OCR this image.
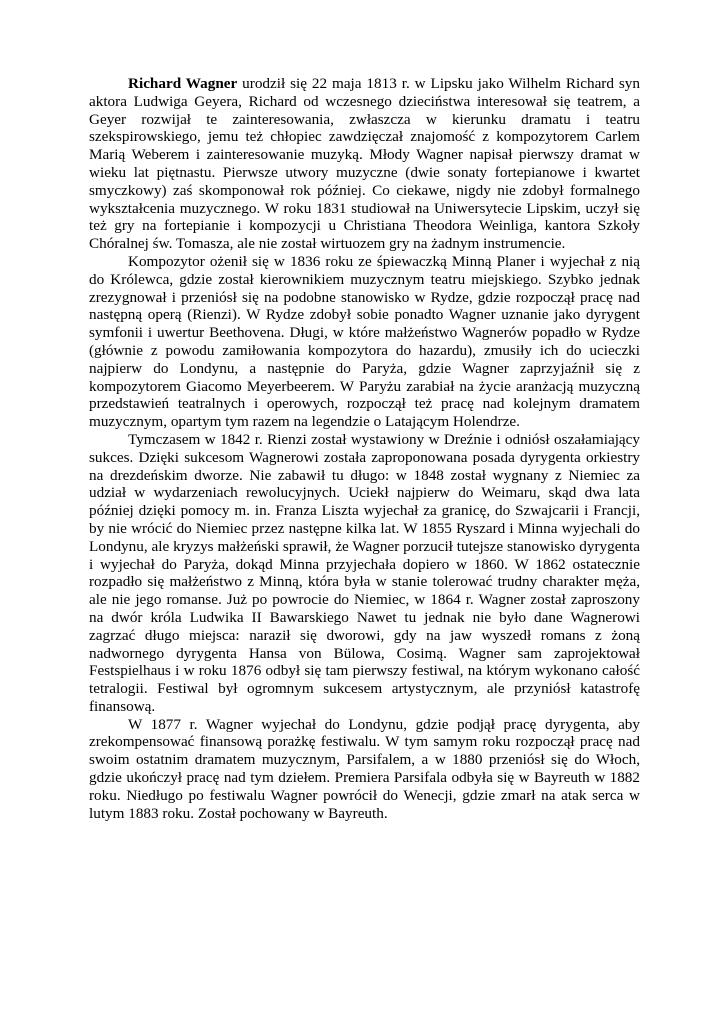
Richard Wagner urodził się 22 maja 1813 r. w Lipsku jako Wilhelm Richard syn aktora Ludwiga Geyera, Richard od wczesnego dzieciństwa interesował się teatrem, a Geyer rozwijał te zainteresowania, zwłaszcza w kierunku dramatu i teatru szekspirowskiego, jemu też chłopiec zawdzięczał znajomość z kompozytorem Carlem Marią Weberem i zainteresowanie muzyką. Młody Wagner napisał pierwszy dramat w wieku lat piętnastu. Pierwsze utwory muzyczne (dwie sonaty fortepianowe i kwartet smyczkowy) zaś skomponował rok później. Co ciekawe, nigdy nie zdobył formalnego wykształcenia muzycznego. W roku 1831 studiował na Uniwersytecie Lipskim, uczył się też gry na fortepianie i kompozycji u Christiana Theodora Weinliga, kantora Szkoły Chóralnej św. Tomasza, ale nie został wirtuozem gry na żadnym instrumencie.

Kompozytor ożenił się w 1836 roku ze śpiewaczką Minną Planer i wyjechał z nią do Królewca, gdzie został kierownikiem muzycznym teatru miejskiego. Szybko jednak zrezygnował i przeniósł się na podobne stanowisko w Rydze, gdzie rozpoczął pracę nad następną operą (Rienzi). W Rydze zdobył sobie ponadto Wagner uznanie jako dyrygent symfonii i uwertur Beethovena. Długi, w które małżeństwo Wagnerów popadło w Rydze (głównie z powodu zamiłowania kompozytora do hazardu), zmusiły ich do ucieczki najpierw do Londynu, a następnie do Paryża, gdzie Wagner zaprzyjaźnił się z kompozytorem Giacomo Meyerbeerem. W Paryżu zarabiał na życie aranżacją muzyczną przedstawień teatralnych i operowych, rozpoczął też pracę nad kolejnym dramatem muzycznym, opartym tym razem na legendzie o Latającym Holendrze.

Tymczasem w 1842 r. Rienzi został wystawiony w Dreźnie i odniósł oszałamiający sukces. Dzięki sukcesom Wagnerowi została zaproponowana posada dyrygenta orkiestry na drezdeńskim dworze. Nie zabawił tu długo: w 1848 został wygnany z Niemiec za udział w wydarzeniach rewolucyjnych. Uciekł najpierw do Weimaru, skąd dwa lata później dzięki pomocy m. in. Franza Liszta wyjechał za granicę, do Szwajcarii i Francji, by nie wrócić do Niemiec przez następne kilka lat. W 1855 Ryszard i Minna wyjechali do Londynu, ale kryzys małżeński sprawił, że Wagner porzucił tutejsze stanowisko dyrygenta i wyjechał do Paryża, dokąd Minna przyjechała dopiero w 1860. W 1862 ostatecznie rozpadło się małżeństwo z Minną, która była w stanie tolerować trudny charakter męża, ale nie jego romanse. Już po powrocie do Niemiec, w 1864 r. Wagner został zaproszony na dwór króla Ludwika II Bawarskiego Nawet tu jednak nie było dane Wagnerowi zagrzać długo miejsca: naraził się dworowi, gdy na jaw wyszedł romans z żoną nadwornego dyrygenta Hansa von Bülowa, Cosimą. Wagner sam zaprojektował Festspielhaus i w roku 1876 odbył się tam pierwszy festiwal, na którym wykonano całość tetralogii. Festiwal był ogromnym sukcesem artystycznym, ale przyniósł katastrofę finansową.

W 1877 r. Wagner wyjechał do Londynu, gdzie podjął pracę dyrygenta, aby zrekompensować finansową porażkę festiwalu. W tym samym roku rozpoczął pracę nad swoim ostatnim dramatem muzycznym, Parsifalem, a w 1880 przeniósł się do Włoch, gdzie ukończył pracę nad tym dziełem. Premiera Parsifala odbyła się w Bayreuth w 1882 roku. Niedługo po festiwalu Wagner powrócił do Wenecji, gdzie zmarł na atak serca w lutym 1883 roku. Został pochowany w Bayreuth.
